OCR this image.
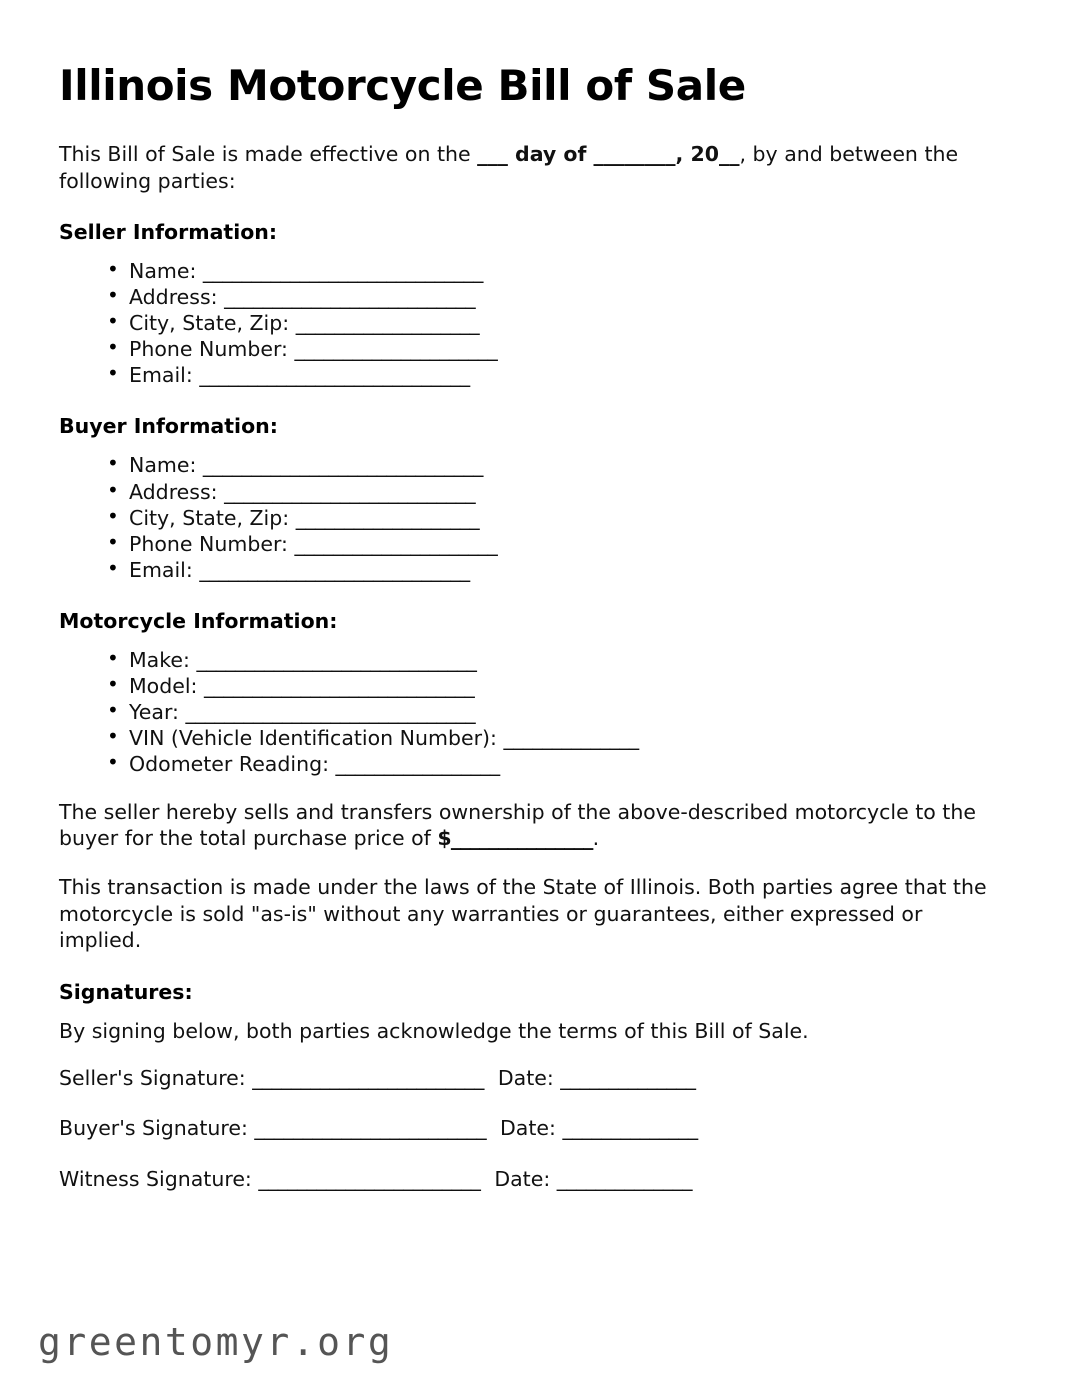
Illinois Motorcycle Bill of Sale

This Bill of Sale is made effective on the ___ day of ________, 20__, by and between the following parties:

Seller Information:
• Name: _____________________________
• Address: __________________________
• City, State, Zip: ___________________
• Phone Number: _____________________
• Email: ____________________________
Buyer Information:
• Name: _____________________________
• Address: __________________________
• City, State, Zip: ___________________
• Phone Number: _____________________
• Email: ____________________________
Motorcycle Information:
• Make: _____________________________
• Model: ____________________________
• Year: ______________________________
• VIN (Vehicle Identification Number): ______________
• Odometer Reading: _________________

The seller hereby sells and transfers ownership of the above-described motorcycle to the buyer for the total purchase price of $_______________.

This transaction is made under the laws of the State of Illinois. Both parties agree that the motorcycle is sold "as-is" without any warranties or guarantees, either expressed or implied.

Signatures:

By signing below, both parties acknowledge the terms of this Bill of Sale.

Seller's Signature: ________________________ Date: ______________
Buyer's Signature: ________________________ Date: ______________
Witness Signature: _______________________ Date: ______________
greentomyr.org
